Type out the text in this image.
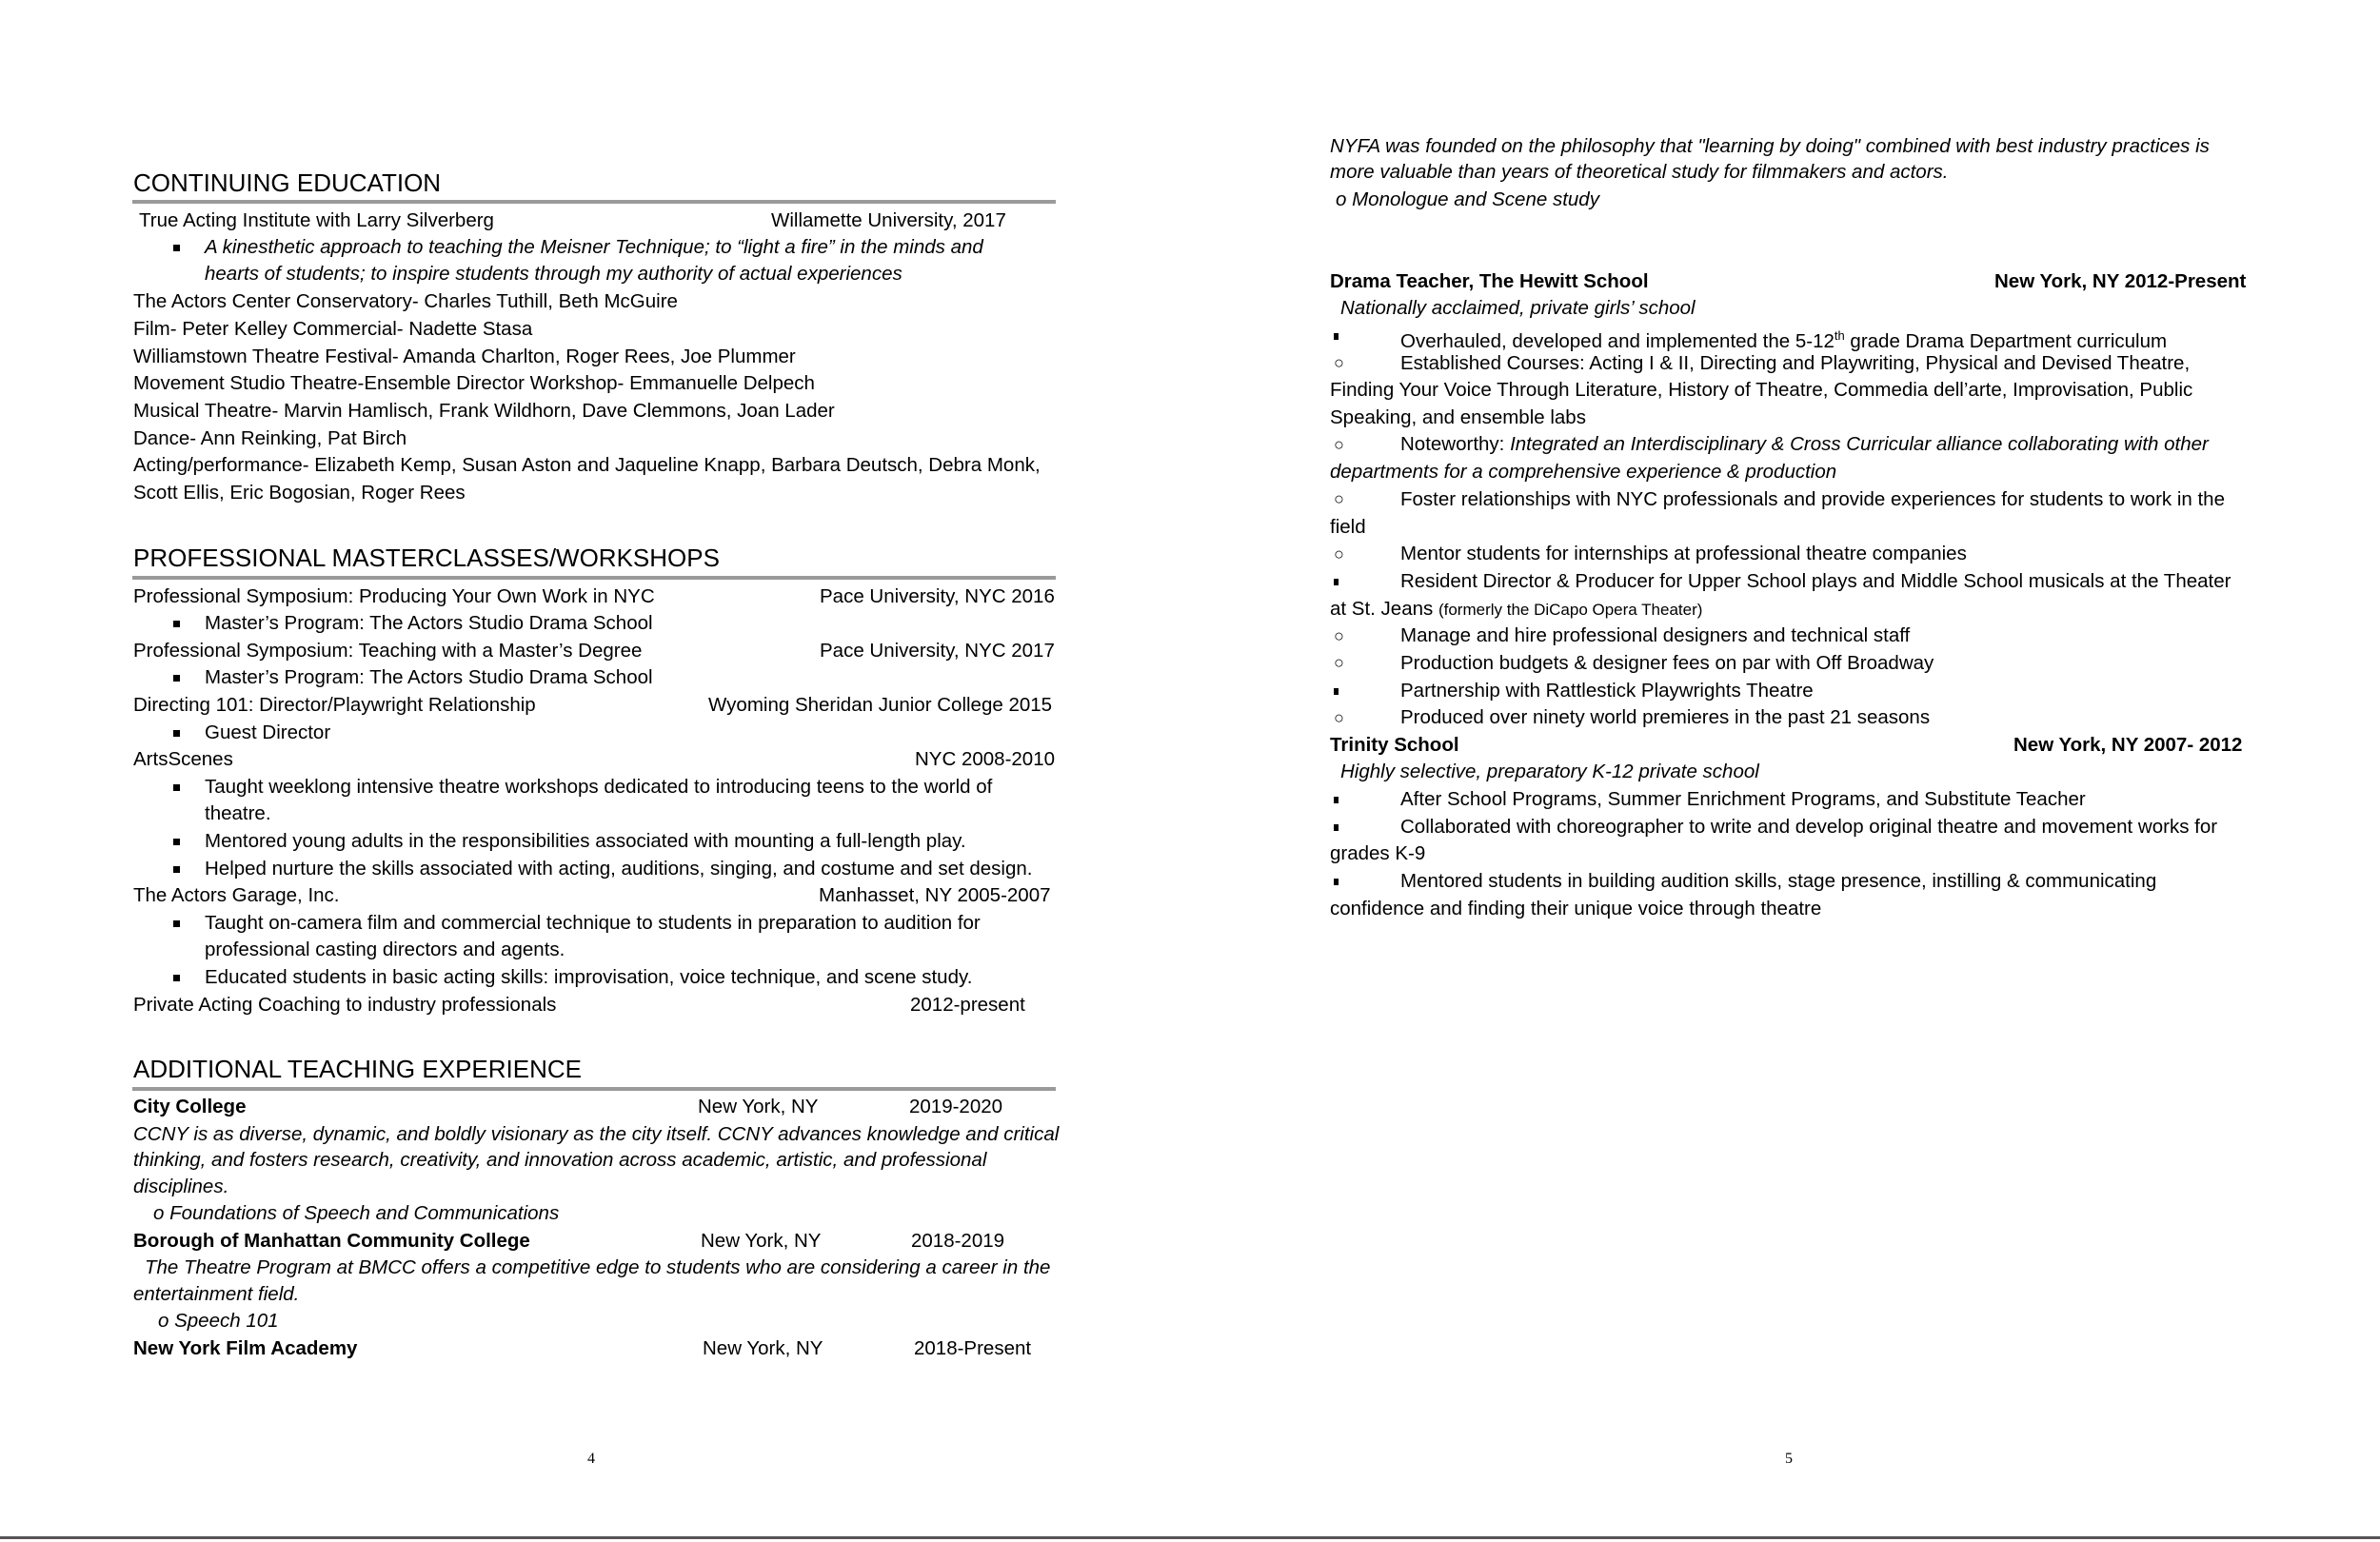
CONTINUING EDUCATION
True Acting Institute with Larry Silverberg	Willamette University, 2017
A kinesthetic approach to teaching the Meisner Technique; to “light a fire” in the minds and
hearts of students; to inspire students through my authority of actual experiences
The Actors Center Conservatory- Charles Tuthill, Beth McGuire
Film- Peter Kelley Commercial- Nadette Stasa
Williamstown Theatre Festival- Amanda Charlton, Roger Rees, Joe Plummer
Movement Studio Theatre-Ensemble Director Workshop- Emmanuelle Delpech
Musical Theatre- Marvin Hamlisch, Frank Wildhorn, Dave Clemmons, Joan Lader
Dance- Ann Reinking, Pat Birch
Acting/performance- Elizabeth Kemp, Susan Aston and Jaqueline Knapp, Barbara Deutsch, Debra Monk,
Scott Ellis, Eric Bogosian, Roger Rees
PROFESSIONAL MASTERCLASSES/WORKSHOPS
Professional Symposium: Producing Your Own Work in NYC	Pace University, NYC 2016
Master’s Program: The Actors Studio Drama School
Professional Symposium: Teaching with a Master’s Degree	Pace University, NYC 2017
Master’s Program: The Actors Studio Drama School
Directing 101: Director/Playwright Relationship	Wyoming Sheridan Junior College 2015
Guest Director
ArtsScenes	NYC 2008-2010
Taught weeklong intensive theatre workshops dedicated to introducing teens to the world of
theatre.
Mentored young adults in the responsibilities associated with mounting a full-length play.
Helped nurture the skills associated with acting, auditions, singing, and costume and set design.
The Actors Garage, Inc.	Manhasset, NY 2005-2007
Taught on-camera film and commercial technique to students in preparation to audition for
professional casting directors and agents.
Educated students in basic acting skills: improvisation, voice technique, and scene study.
Private Acting Coaching to industry professionals	2012-present
ADDITIONAL TEACHING EXPERIENCE
City College	New York, NY	2019-2020
CCNY is as diverse, dynamic, and boldly visionary as the city itself. CCNY advances knowledge and critical
thinking, and fosters research, creativity, and innovation across academic, artistic, and professional
disciplines.
o Foundations of Speech and Communications
Borough of Manhattan Community College	New York, NY	2018-2019
The Theatre Program at BMCC offers a competitive edge to students who are considering a career in the
entertainment field.
o Speech 101
New York Film Academy	New York, NY	2018-Present
4
NYFA was founded on the philosophy that "learning by doing" combined with best industry practices is
more valuable than years of theoretical study for filmmakers and actors.
o Monologue and Scene study
Drama Teacher, The Hewitt School	New York, NY 2012-Present
Nationally acclaimed, private girls’ school
Overhauled, developed and implemented the 5-12th grade Drama Department curriculum
○	Established Courses: Acting I & II, Directing and Playwriting, Physical and Devised Theatre,
Finding Your Voice Through Literature, History of Theatre, Commedia dell’arte, Improvisation, Public
Speaking, and ensemble labs
○	Noteworthy: Integrated an Interdisciplinary & Cross Curricular alliance collaborating with other
departments for a comprehensive experience & production
○	Foster relationships with NYC professionals and provide experiences for students to work in the
field
○	Mentor students for internships at professional theatre companies
Resident Director & Producer for Upper School plays and Middle School musicals at the Theater
at St. Jeans (formerly the DiCapo Opera Theater)
○	Manage and hire professional designers and technical staff
○	Production budgets & designer fees on par with Off Broadway
Partnership with Rattlestick Playwrights Theatre
○	Produced over ninety world premieres in the past 21 seasons
Trinity School	New York, NY 2007- 2012
Highly selective, preparatory K-12 private school
After School Programs, Summer Enrichment Programs, and Substitute Teacher
Collaborated with choreographer to write and develop original theatre and movement works for
grades K-9
Mentored students in building audition skills, stage presence, instilling & communicating
confidence and finding their unique voice through theatre
5
